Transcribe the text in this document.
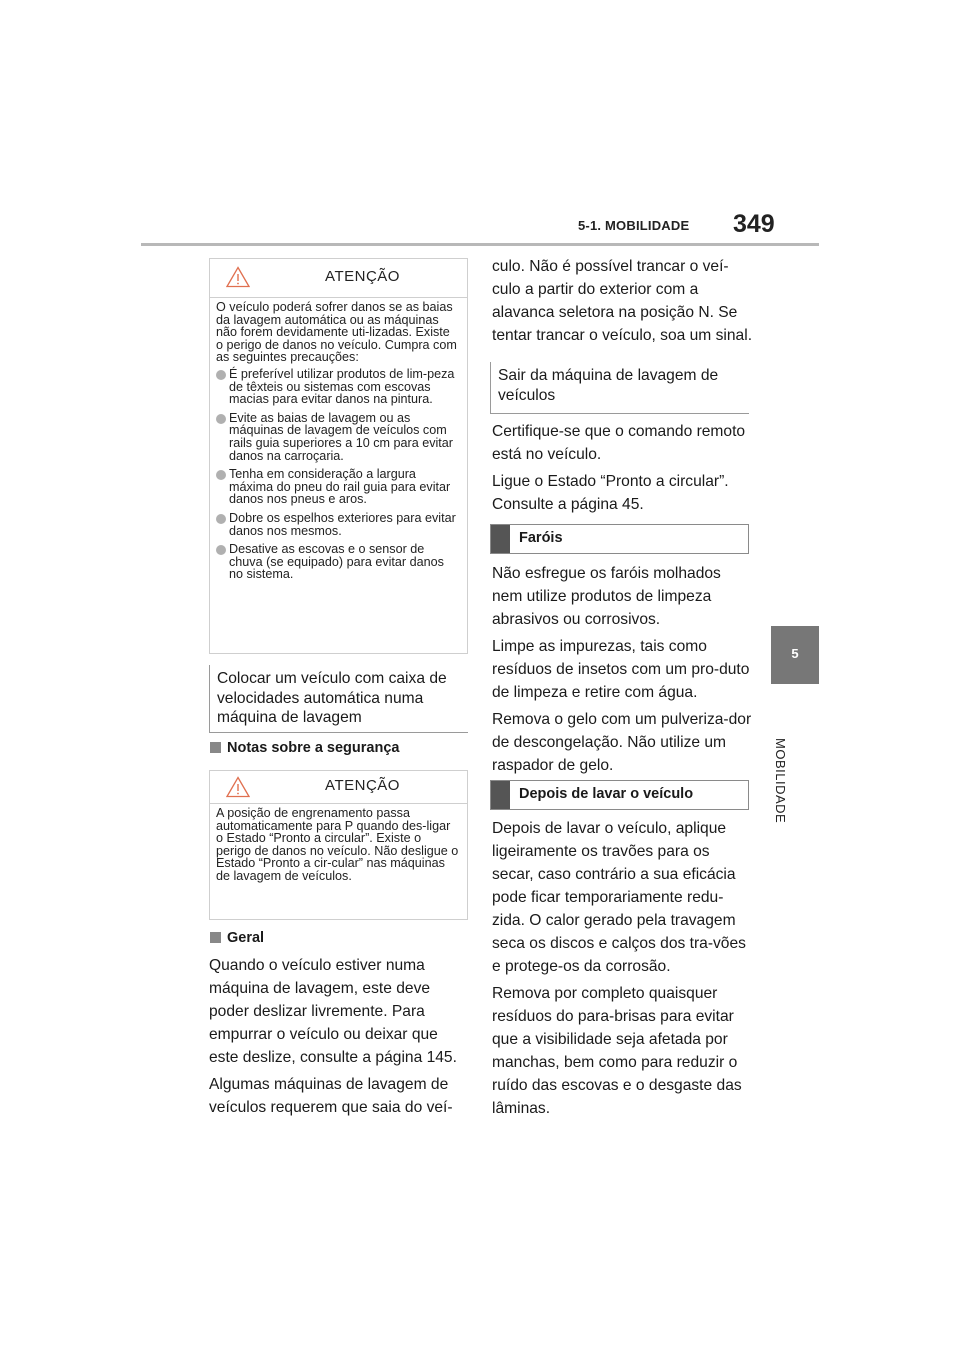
5-1. MOBILIDADE 349
5
MOBILIDADE
ATENÇÃO

O veículo poderá sofrer danos se as baias da lavagem automática ou as máquinas não forem devidamente uti-lizadas. Existe o perigo de danos no veículo. Cumpra com as seguintes precauções:

É preferível utilizar produtos de lim-peza de têxteis ou sistemas com escovas macias para evitar danos na pintura.
Evite as baias de lavagem ou as máquinas de lavagem de veículos com rails guia superiores a 10 cm para evitar danos na carroçaria.
Tenha em consideração a largura máxima do pneu do rail guia para evitar danos nos pneus e aros.
Dobre os espelhos exteriores para evitar danos nos mesmos.
Desative as escovas e o sensor de chuva (se equipado) para evitar danos no sistema.
Colocar um veículo com caixa de velocidades automática numa máquina de lavagem
Notas sobre a segurança
ATENÇÃO

A posição de engrenamento passa automaticamente para P quando des-ligar o Estado “Pronto a circular”. Existe o perigo de danos no veículo. Não desligue o Estado “Pronto a cir-cular” nas máquinas de lavagem de veículos.

Geral

Quando o veículo estiver numa máquina de lavagem, este deve poder deslizar livremente. Para empurrar o veículo ou deixar que este deslize, consulte a página 145.

Algumas máquinas de lavagem de veículos requerem que saia do veí-

culo. Não é possível trancar o veí-culo a partir do exterior com a alavanca seletora na posição N. Se tentar trancar o veículo, soa um sinal.

Sair da máquina de lavagem de veículos

Certifique-se que o comando remoto está no veículo.

Ligue o Estado “Pronto a circular”. Consulte a página 45.

Faróis

Não esfregue os faróis molhados nem utilize produtos de limpeza abrasivos ou corrosivos.

Limpe as impurezas, tais como resíduos de insetos com um pro-duto de limpeza e retire com água.

Remova o gelo com um pulveriza-dor de descongelação. Não utilize um raspador de gelo.

Depois de lavar o veículo

Depois de lavar o veículo, aplique ligeiramente os travões para os secar, caso contrário a sua eficácia pode ficar temporariamente redu-zida. O calor gerado pela travagem seca os discos e calços dos tra-vões e protege-os da corrosão.

Remova por completo quaisquer resíduos do para-brisas para evitar que a visibilidade seja afetada por manchas, bem como para reduzir o ruído das escovas e o desgaste das lâminas.
